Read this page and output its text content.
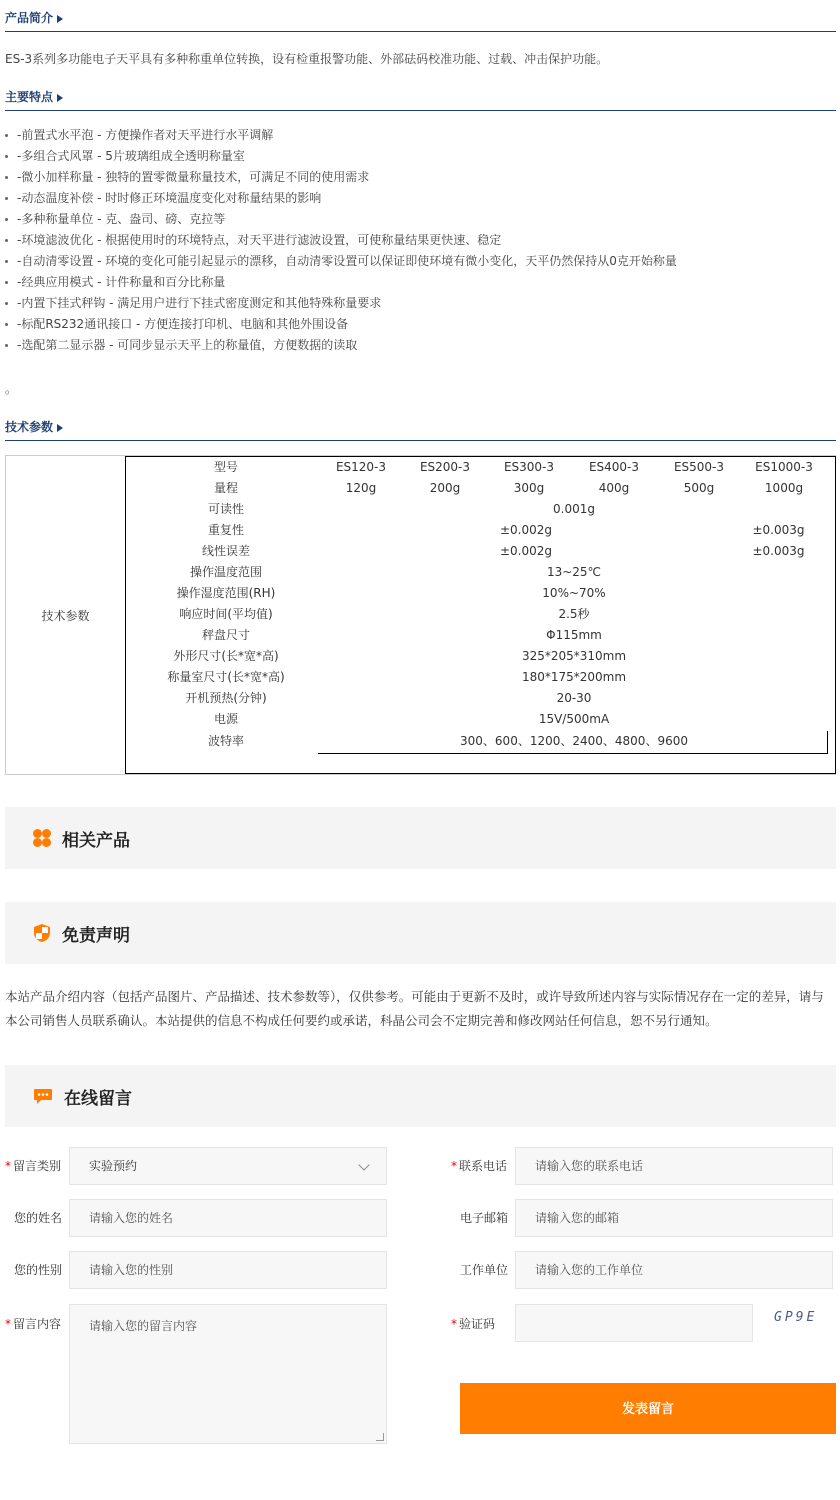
产品简介
ES-3系列多功能电子天平具有多种称重单位转换，设有检重报警功能、外部砝码校准功能、过载、冲击保护功能。
主要特点
-前置式水平泡 - 方便操作者对天平进行水平调解
-多组合式风罩 - 5片玻璃组成全透明称量室
-微小加样称量 - 独特的置零微量称量技术，可满足不同的使用需求
-动态温度补偿 - 时时修正环境温度变化对称量结果的影响
-多种称量单位 - 克、盎司、磅、克拉等
-环境滤波优化 - 根据使用时的环境特点，对天平进行滤波设置，可使称量结果更快速、稳定
-自动清零设置 - 环境的变化可能引起显示的漂移，自动清零设置可以保证即使环境有微小变化，天平仍然保持从0克开始称量
-经典应用模式 - 计件称量和百分比称量
-内置下挂式秤钩 - 满足用户进行下挂式密度测定和其他特殊称量要求
-标配RS232通讯接口 - 方便连接打印机、电脑和其他外围设备
-选配第二显示器 - 可同步显示天平上的称量值，方便数据的读取
。
技术参数
技术参数
型号	ES120-3	ES200-3	ES300-3	ES400-3	ES500-3	ES1000-3
量程	120g	200g	300g	400g	500g	1000g
可读性	0.001g
重复性	±0.002g	±0.003g
线性误差	±0.002g	±0.003g
操作温度范围	13~25℃
操作湿度范围(RH)	10%~70%
响应时间(平均值)	2.5秒
秤盘尺寸	Φ115mm
外形尺寸(长*宽*高)	325*205*310mm
称量室尺寸(长*宽*高)	180*175*200mm
开机预热(分钟)	20-30
电源	15V/500mA
波特率	300、600、1200、2400、4800、9600
相关产品
免责声明
本站产品介绍内容（包括产品图片、产品描述、技术参数等），仅供参考。可能由于更新不及时，或许导致所述内容与实际情况存在一定的差异，请与本公司销售人员联系确认。本站提供的信息不构成任何要约或承诺，科晶公司会不定期完善和修改网站任何信息，恕不另行通知。
在线留言
* 留言类别	实验预约	* 联系电话	请输入您的联系电话
您的姓名	请输入您的姓名	电子邮箱	请输入您的邮箱
您的性别	请输入您的性别	工作单位	请输入您的工作单位
* 留言内容	请输入您的留言内容	* 验证码	GP9E
发表留言
